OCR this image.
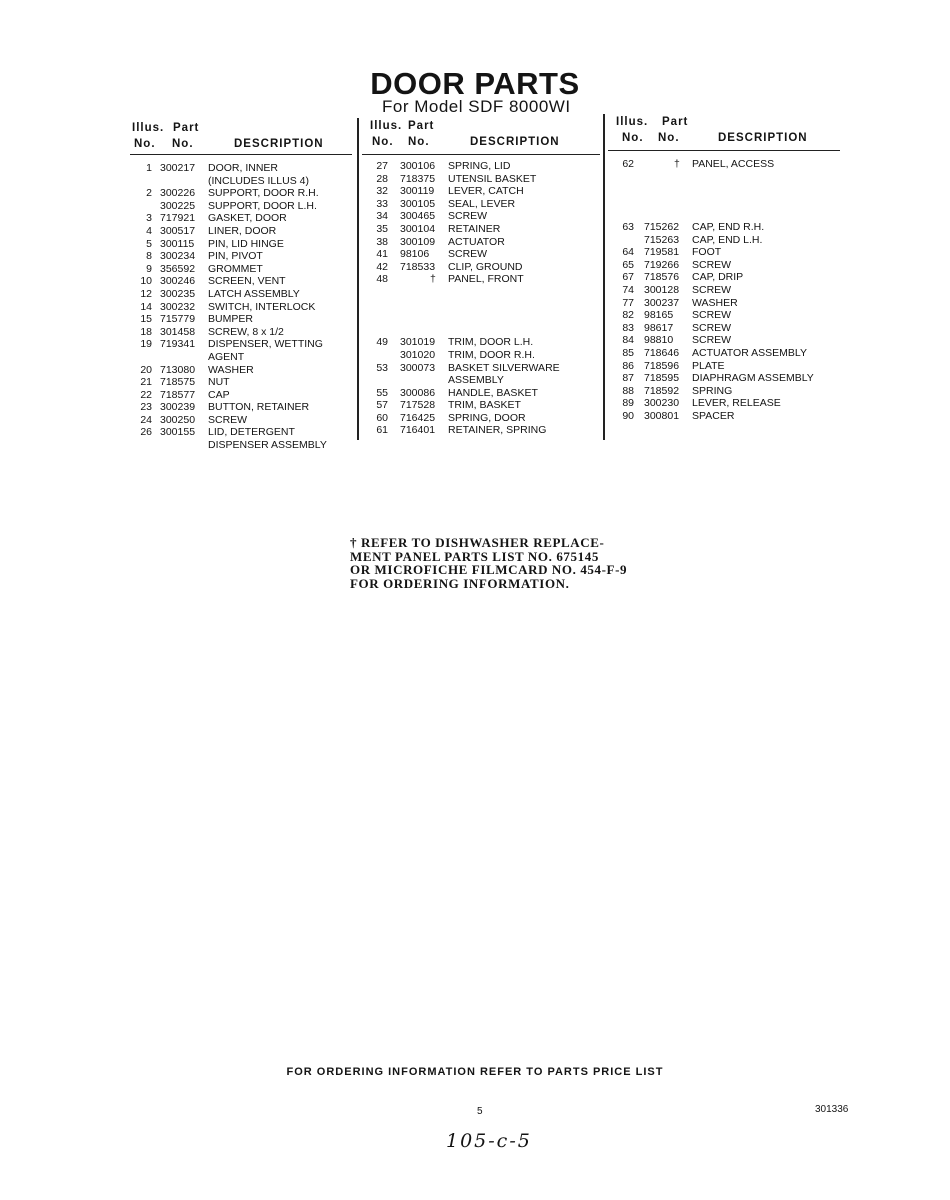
DOOR PARTS
For Model SDF 8000WI
Illus. Part
No. No.	DESCRIPTION
1 300217 DOOR, INNER
(INCLUDES ILLUS 4)
2 300226 SUPPORT, DOOR R.H.
300225 SUPPORT, DOOR L.H.
3 717921 GASKET, DOOR
4 300517 LINER, DOOR
5 300115 PIN, LID HINGE
8 300234 PIN, PIVOT
9 356592 GROMMET
10 300246 SCREEN, VENT
12 300235 LATCH ASSEMBLY
14 300232 SWITCH, INTERLOCK
15 715779 BUMPER
18 301458 SCREW, 8 x 1/2
19 719341 DISPENSER, WETTING
AGENT
20 713080 WASHER
21 718575 NUT
22 718577 CAP
23 300239 BUTTON, RETAINER
24 300250 SCREW
26 300155 LID, DETERGENT
DISPENSER ASSEMBLY
Illus. Part
No. No.	DESCRIPTION
27 300106 SPRING, LID
28 718375 UTENSIL BASKET
32 300119 LEVER, CATCH
33 300105 SEAL, LEVER
34 300465 SCREW
35 300104 RETAINER
38 300109 ACTUATOR
41 98106 SCREW
42 718533 CLIP, GROUND
48	† PANEL, FRONT
49 301019 TRIM, DOOR L.H.
301020 TRIM, DOOR R.H.
53 300073 BASKET SILVERWARE
ASSEMBLY
55 300086 HANDLE, BASKET
57 717528 TRIM, BASKET
60 716425 SPRING, DOOR
61 716401 RETAINER, SPRING
Illus. Part
No. No.	DESCRIPTION
62	† PANEL, ACCESS
63 715262 CAP, END R.H.
715263 CAP, END L.H.
64 719581 FOOT
65 719266 SCREW
67 718576 CAP, DRIP
74 300128 SCREW
77 300237 WASHER
82 98165 SCREW
83 98617 SCREW
84 98810 SCREW
85 718646 ACTUATOR ASSEMBLY
86 718596 PLATE
87 718595 DIAPHRAGM ASSEMBLY
88 718592 SPRING
89 300230 LEVER, RELEASE
90 300801 SPACER
† REFER TO DISHWASHER REPLACE-
MENT PANEL PARTS LIST NO. 675145
OR MICROFICHE FILMCARD NO. 454-F-9
FOR ORDERING INFORMATION.
FOR ORDERING INFORMATION REFER TO PARTS PRICE LIST
5	301336
105-c-5
